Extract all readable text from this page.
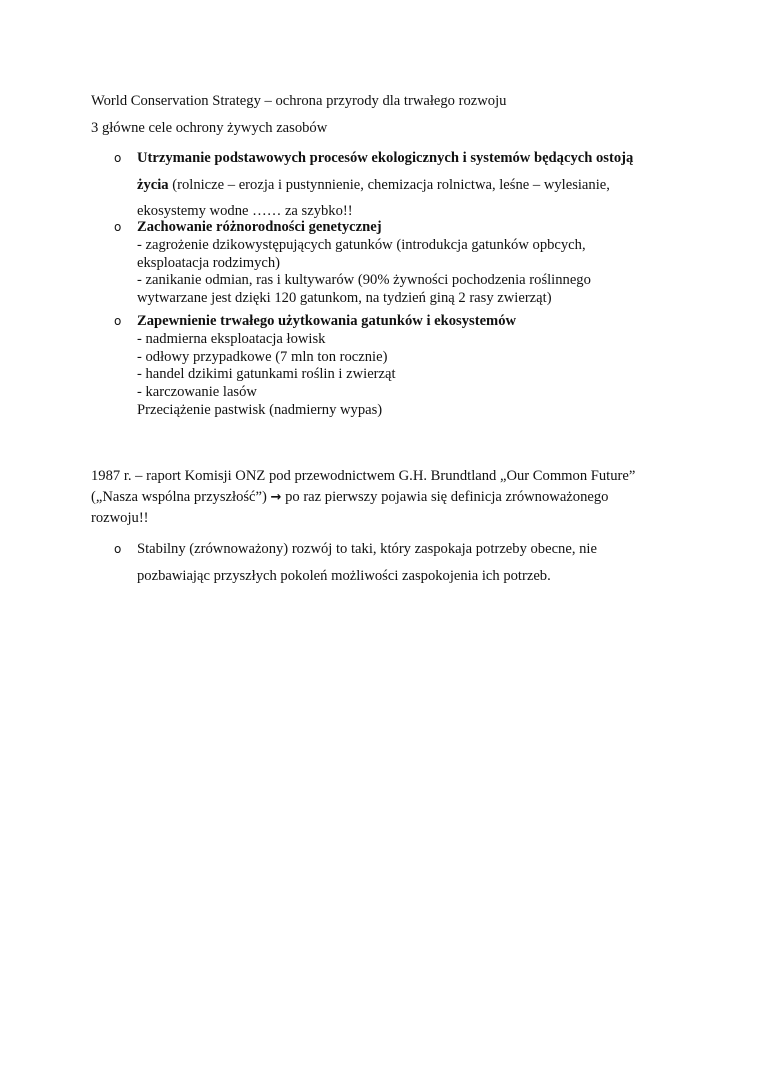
World Conservation Strategy – ochrona przyrody dla trwałego rozwoju

3 główne cele ochrony żywych zasobów

o Utrzymanie podstawowych procesów ekologicznych i systemów będących ostoją
życia (rolnicze – erozja i pustynnienie, chemizacja rolnictwa, leśne – wylesianie,
ekosystemy wodne …… za szybko!!
o Zachowanie różnorodności genetycznej
- zagrożenie dzikowystępujących gatunków (introdukcja gatunków opbcych,
eksploatacja rodzimych)
- zanikanie odmian, ras i kultywarów (90% żywności pochodzenia roślinnego
wytwarzane jest dzięki 120 gatunkom, na tydzień giną 2 rasy zwierząt)
o Zapewnienie trwałego użytkowania gatunków i ekosystemów
- nadmierna eksploatacja łowisk
- odłowy przypadkowe (7 mln ton rocznie)
- handel dzikimi gatunkami roślin i zwierząt
- karczowanie lasów
Przeciążenie pastwisk (nadmierny wypas)
1987 r. – raport Komisji ONZ pod przewodnictwem G.H. Brundtland „Our Common Future”
(„Nasza wspólna przyszłość”) → po raz pierwszy pojawia się definicja zrównoważonego
rozwoju!!
o Stabilny (zrównoważony) rozwój to taki, który zaspokaja potrzeby obecne, nie
pozbawiając przyszłych pokoleń możliwości zaspokojenia ich potrzeb.
